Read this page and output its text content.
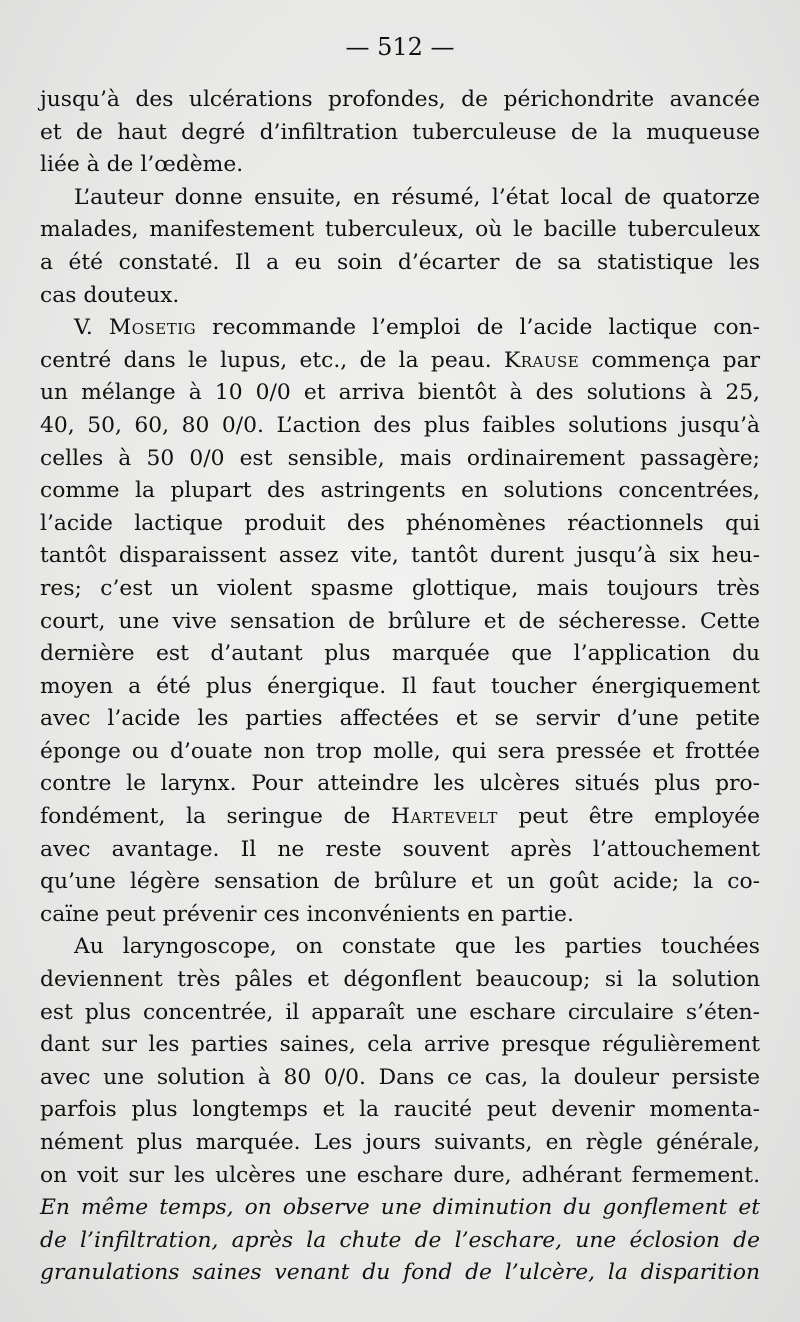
— 512 —
jusqu’à des ulcérations profondes, de périchondrite avancée
et de haut degré d’infiltration tuberculeuse de la muqueuse
liée à de l’œdème.
L’auteur donne ensuite, en résumé, l’état local de quatorze
malades, manifestement tuberculeux, où le bacille tuberculeux
a été constaté. Il a eu soin d’écarter de sa statistique les
cas douteux.
V. Mosetig recommande l’emploi de l’acide lactique con-
centré dans le lupus, etc., de la peau. Krause commença par
un mélange à 10 0/0 et arriva bientôt à des solutions à 25,
40, 50, 60, 80 0/0. L’action des plus faibles solutions jusqu’à
celles à 50 0/0 est sensible, mais ordinairement passagère;
comme la plupart des astringents en solutions concentrées,
l’acide lactique produit des phénomènes réactionnels qui
tantôt disparaissent assez vite, tantôt durent jusqu’à six heu-
res; c’est un violent spasme glottique, mais toujours très
court, une vive sensation de brûlure et de sécheresse. Cette
dernière est d’autant plus marquée que l’application du
moyen a été plus énergique. Il faut toucher énergiquement
avec l’acide les parties affectées et se servir d’une petite
éponge ou d’ouate non trop molle, qui sera pressée et frottée
contre le larynx. Pour atteindre les ulcères situés plus pro-
fondément, la seringue de Hartevelt peut être employée
avec avantage. Il ne reste souvent après l’attouchement
qu’une légère sensation de brûlure et un goût acide; la co-
caïne peut prévenir ces inconvénients en partie.
Au laryngoscope, on constate que les parties touchées
deviennent très pâles et dégonflent beaucoup; si la solution
est plus concentrée, il apparaît une eschare circulaire s’éten-
dant sur les parties saines, cela arrive presque régulièrement
avec une solution à 80 0/0. Dans ce cas, la douleur persiste
parfois plus longtemps et la raucité peut devenir momenta-
nément plus marquée. Les jours suivants, en règle générale,
on voit sur les ulcères une eschare dure, adhérant fermement.
En même temps, on observe une diminution du gonflement et
de l’infiltration, après la chute de l’eschare, une éclosion de
granulations saines venant du fond de l’ulcère, la disparition
